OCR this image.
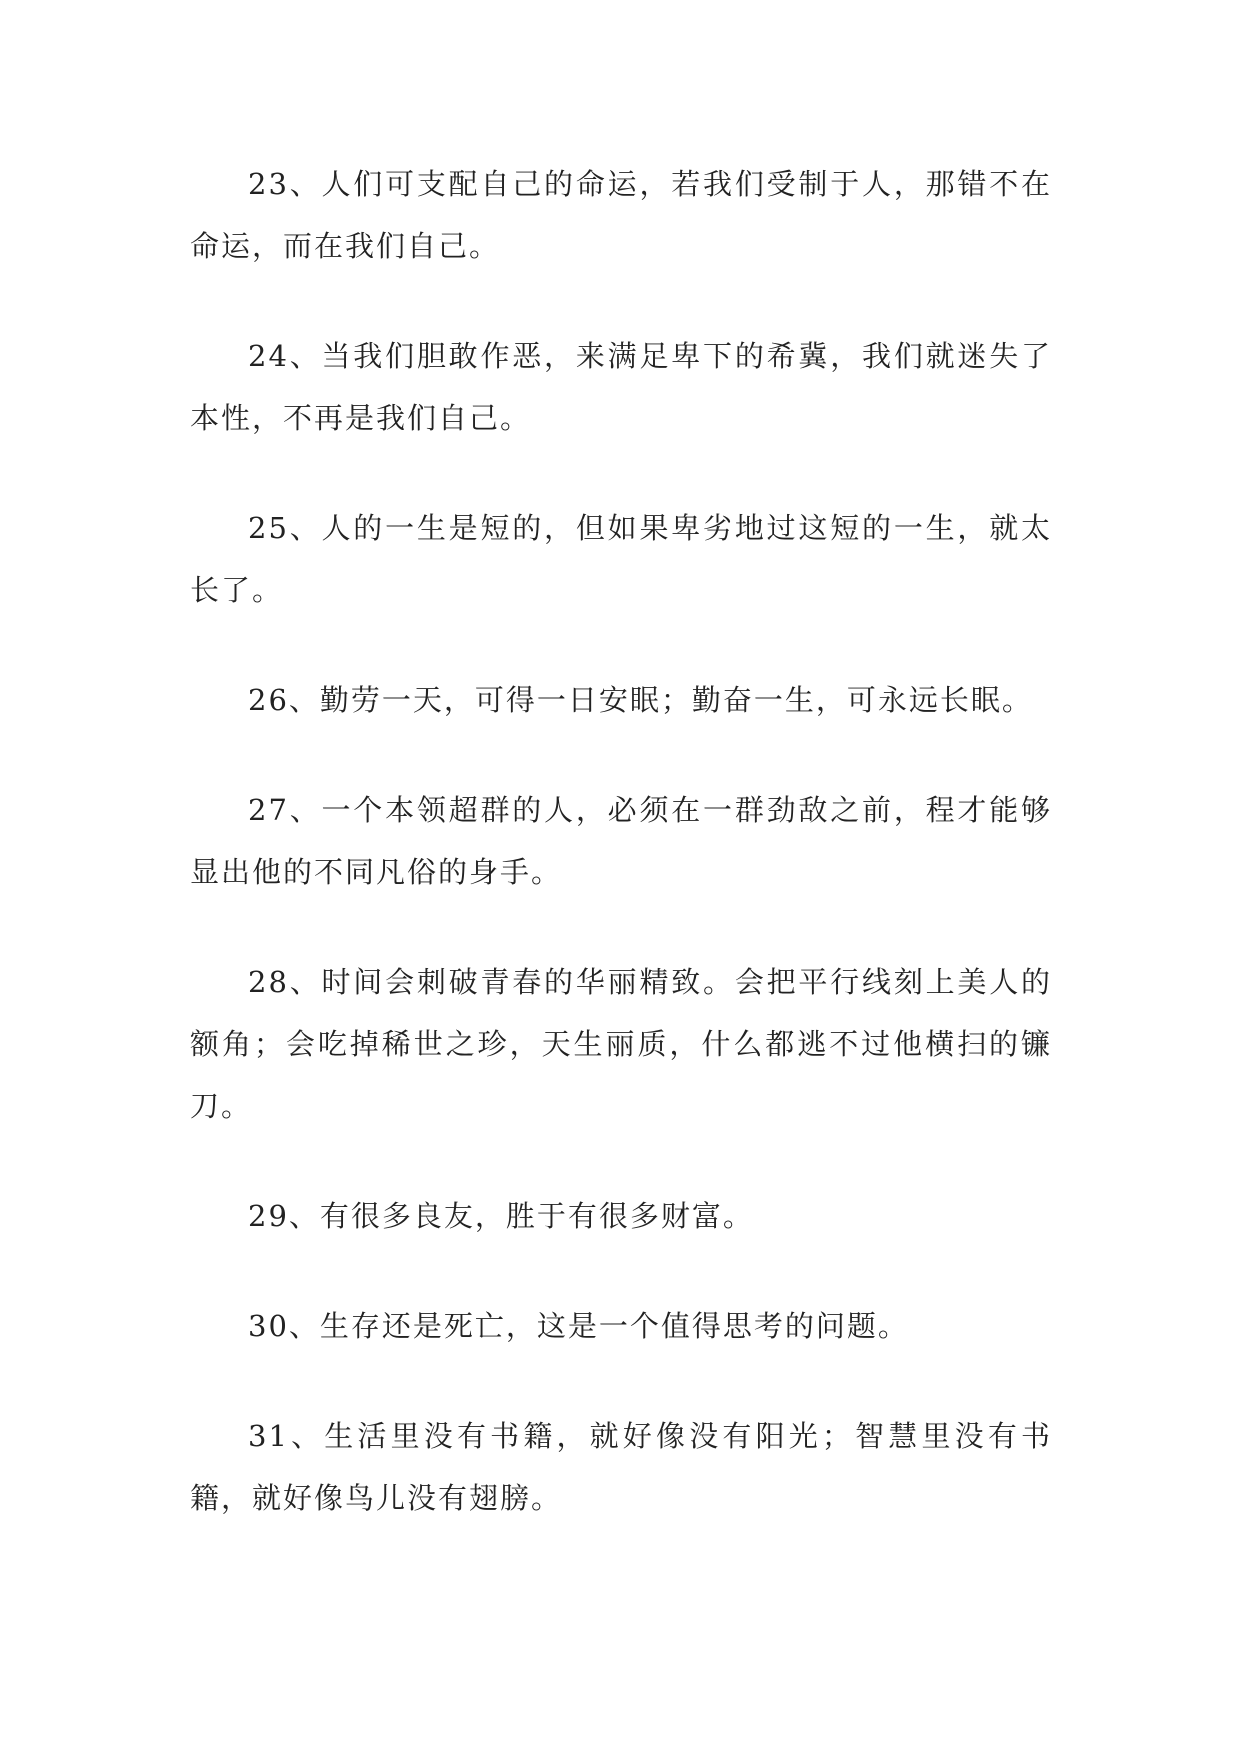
23、人们可支配自己的命运，若我们受制于人，那错不在命运，而在我们自己。

24、当我们胆敢作恶，来满足卑下的希冀，我们就迷失了本性，不再是我们自己。

25、人的一生是短的，但如果卑劣地过这短的一生，就太长了。

26、勤劳一天，可得一日安眠；勤奋一生，可永远长眠。

27、一个本领超群的人，必须在一群劲敌之前，程才能够显出他的不同凡俗的身手。

28、时间会刺破青春的华丽精致。会把平行线刻上美人的额角；会吃掉稀世之珍，天生丽质，什么都逃不过他横扫的镰刀。

29、有很多良友，胜于有很多财富。

30、生存还是死亡，这是一个值得思考的问题。

31、生活里没有书籍，就好像没有阳光；智慧里没有书籍，就好像鸟儿没有翅膀。
